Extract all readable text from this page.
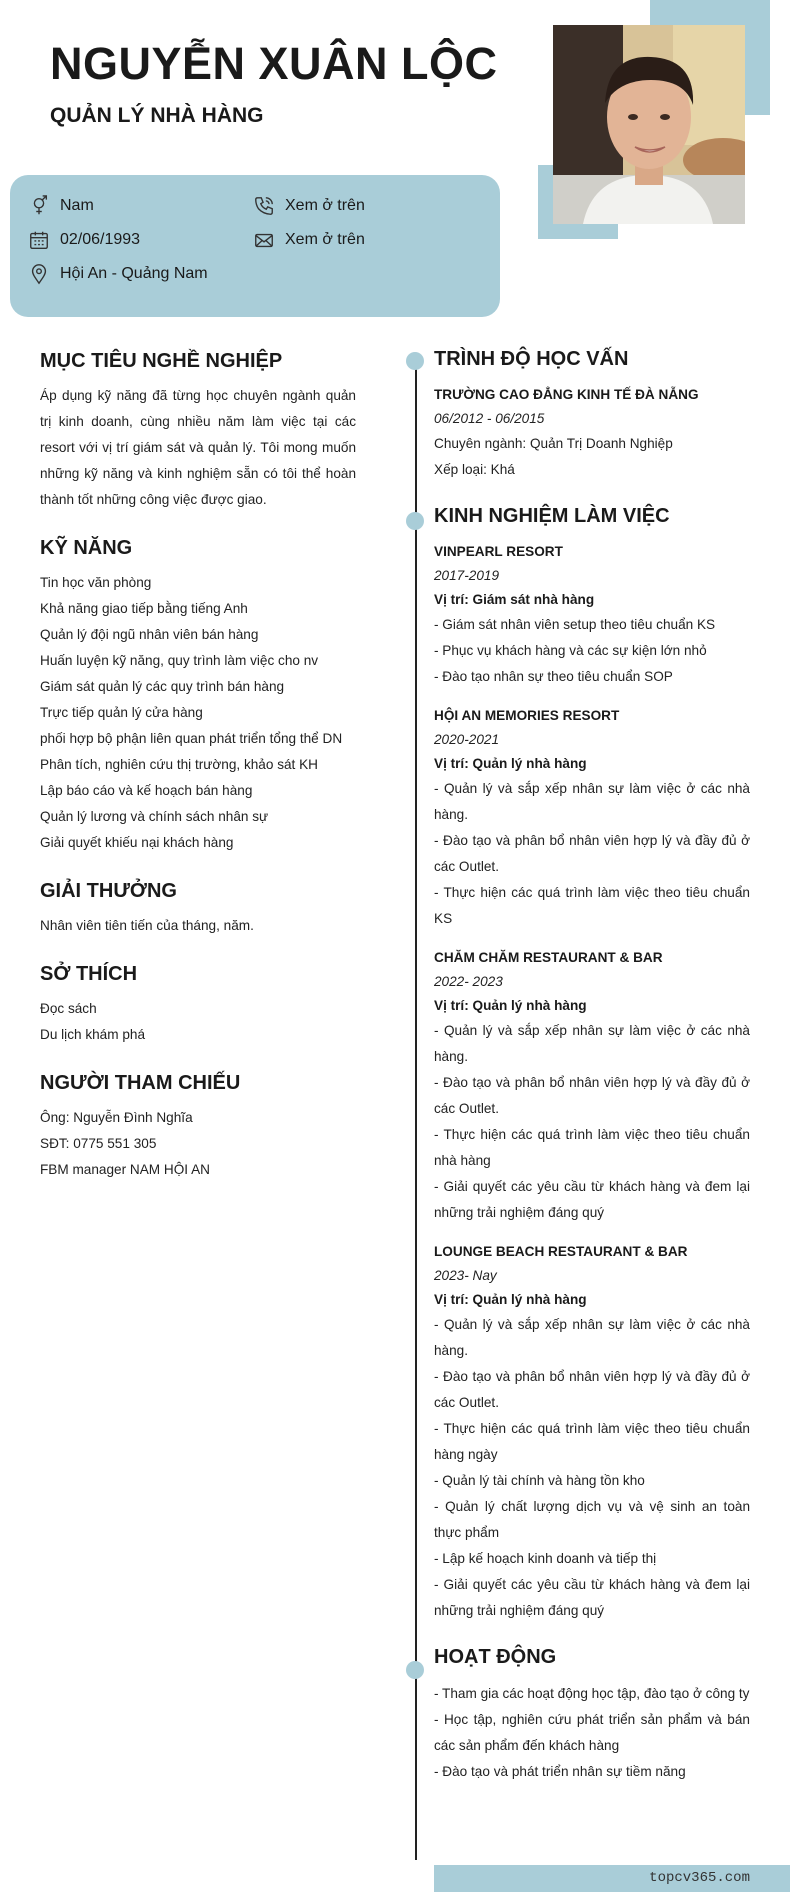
NGUYỄN XUÂN LỘC
QUẢN LÝ NHÀ HÀNG
Nam
02/06/1993
Hội An - Quảng Nam
Xem ở trên
Xem ở trên
MỤC TIÊU NGHỀ NGHIỆP
Áp dụng kỹ năng đã từng học chuyên ngành quản trị kinh doanh, cùng nhiều năm làm việc tại các resort với vị trí giám sát và quản lý. Tôi mong muốn những kỹ năng và kinh nghiệm sẵn có tôi thể hoàn thành tốt những công việc được giao.
KỸ NĂNG
Tin học văn phòng
Khả năng giao tiếp bằng tiếng Anh
Quản lý đội ngũ nhân viên bán hàng
Huấn luyện kỹ năng, quy trình làm việc cho nv
Giám sát quản lý các quy trình bán hàng
Trực tiếp quản lý cửa hàng
phối hợp bộ phận liên quan phát triển tổng thể DN
Phân tích, nghiên cứu thị trường, khảo sát KH
Lập báo cáo và kế hoạch bán hàng
Quản lý lương và chính sách nhân sự
Giải quyết khiếu nại khách hàng
GIẢI THƯỞNG
Nhân viên tiên tiến của tháng, năm.
SỞ THÍCH
Đọc sách
Du lịch khám phá
NGƯỜI THAM CHIẾU
Ông: Nguyễn Đình Nghĩa
SĐT: 0775 551 305
FBM manager NAM HỘI AN
TRÌNH ĐỘ HỌC VẤN
TRƯỜNG CAO ĐẲNG KINH TẾ ĐÀ NẴNG
06/2012 - 06/2015
Chuyên ngành: Quản Trị Doanh Nghiệp
Xếp loại: Khá
KINH NGHIỆM LÀM VIỆC
VINPEARL RESORT
2017-2019
Vị trí: Giám sát nhà hàng
- Giám sát nhân viên setup theo tiêu chuẩn KS
- Phục vụ khách hàng và các sự kiện lớn nhỏ
- Đào tạo nhân sự theo tiêu chuẩn SOP
HỘI AN MEMORIES RESORT
2020-2021
Vị trí: Quản lý nhà hàng
- Quản lý và sắp xếp nhân sự làm việc ở các nhà hàng.
- Đào tạo và phân bổ nhân viên hợp lý và đầy đủ ở các Outlet.
- Thực hiện các quá trình làm việc theo tiêu chuẩn KS
CHĂM CHĂM RESTAURANT & BAR
2022- 2023
Vị trí: Quản lý nhà hàng
- Quản lý và sắp xếp nhân sự làm việc ở các nhà hàng.
- Đào tạo và phân bổ nhân viên hợp lý và đầy đủ ở các Outlet.
- Thực hiện các quá trình làm việc theo tiêu chuẩn nhà hàng
- Giải quyết các yêu cầu từ khách hàng và đem lại những trải nghiệm đáng quý
LOUNGE BEACH RESTAURANT & BAR
2023- Nay
Vị trí: Quản lý nhà hàng
- Quản lý và sắp xếp nhân sự làm việc ở các nhà hàng.
- Đào tạo và phân bổ nhân viên hợp lý và đầy đủ ở các Outlet.
- Thực hiện các quá trình làm việc theo tiêu chuẩn hàng ngày
- Quản lý tài chính và hàng tồn kho
- Quản lý chất lượng dịch vụ và vệ sinh an toàn thực phẩm
- Lập kế hoạch kinh doanh và tiếp thị
- Giải quyết các yêu cầu từ khách hàng và đem lại những trải nghiệm đáng quý
HOẠT ĐỘNG
- Tham gia các hoạt động học tập, đào tạo ở công ty
- Học tập, nghiên cứu phát triển sản phẩm và bán các sản phẩm đến khách hàng
- Đào tạo và phát triển nhân sự tiềm năng
topcv365.com
